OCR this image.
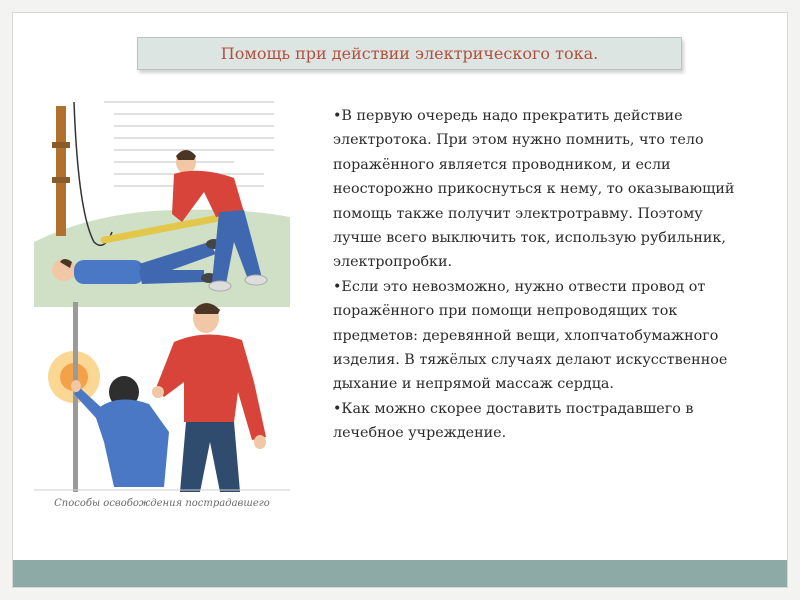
Помощь при действии электрического тока.
Способы освобождения пострадавшего
•В первую очередь надо прекратить действие электротока. При этом нужно помнить, что тело поражённого является проводником, и если неосторожно прикоснуться к нему, то оказывающий помощь также получит электротравму. Поэтому лучше всего выключить ток, использую рубильник, электропробки.
•Если это невозможно, нужно отвести провод от поражённого при помощи непроводящих ток предметов: деревянной вещи, хлопчатобумажного изделия. В тяжёлых случаях делают искусственное дыхание и непрямой массаж сердца.
•Как можно скорее доставить пострадавшего в лечебное учреждение.
